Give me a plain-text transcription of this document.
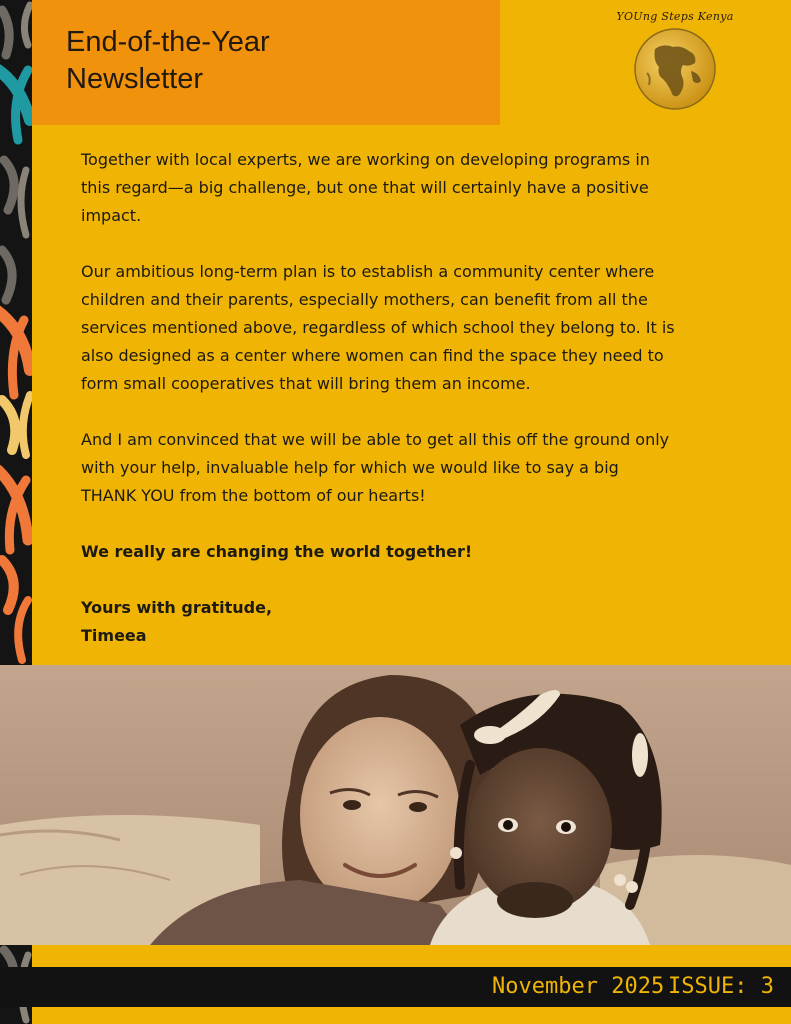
End-of-the-Year
Newsletter
YOUng Steps Kenya

Together with local experts, we are working on developing programs in
this regard—a big challenge, but one that will certainly have a positive
impact.

Our ambitious long-term plan is to establish a community center where
children and their parents, especially mothers, can benefit from all the
services mentioned above, regardless of which school they belong to. It is
also designed as a center where women can find the space they need to
form small cooperatives that will bring them an income.

And I am convinced that we will be able to get all this off the ground only
with your help, invaluable help for which we would like to say a big
THANK YOU from the bottom of our hearts!

We really are changing the world together!

Yours with gratitude,
Timeea

November 2025 ISSUE: 3
